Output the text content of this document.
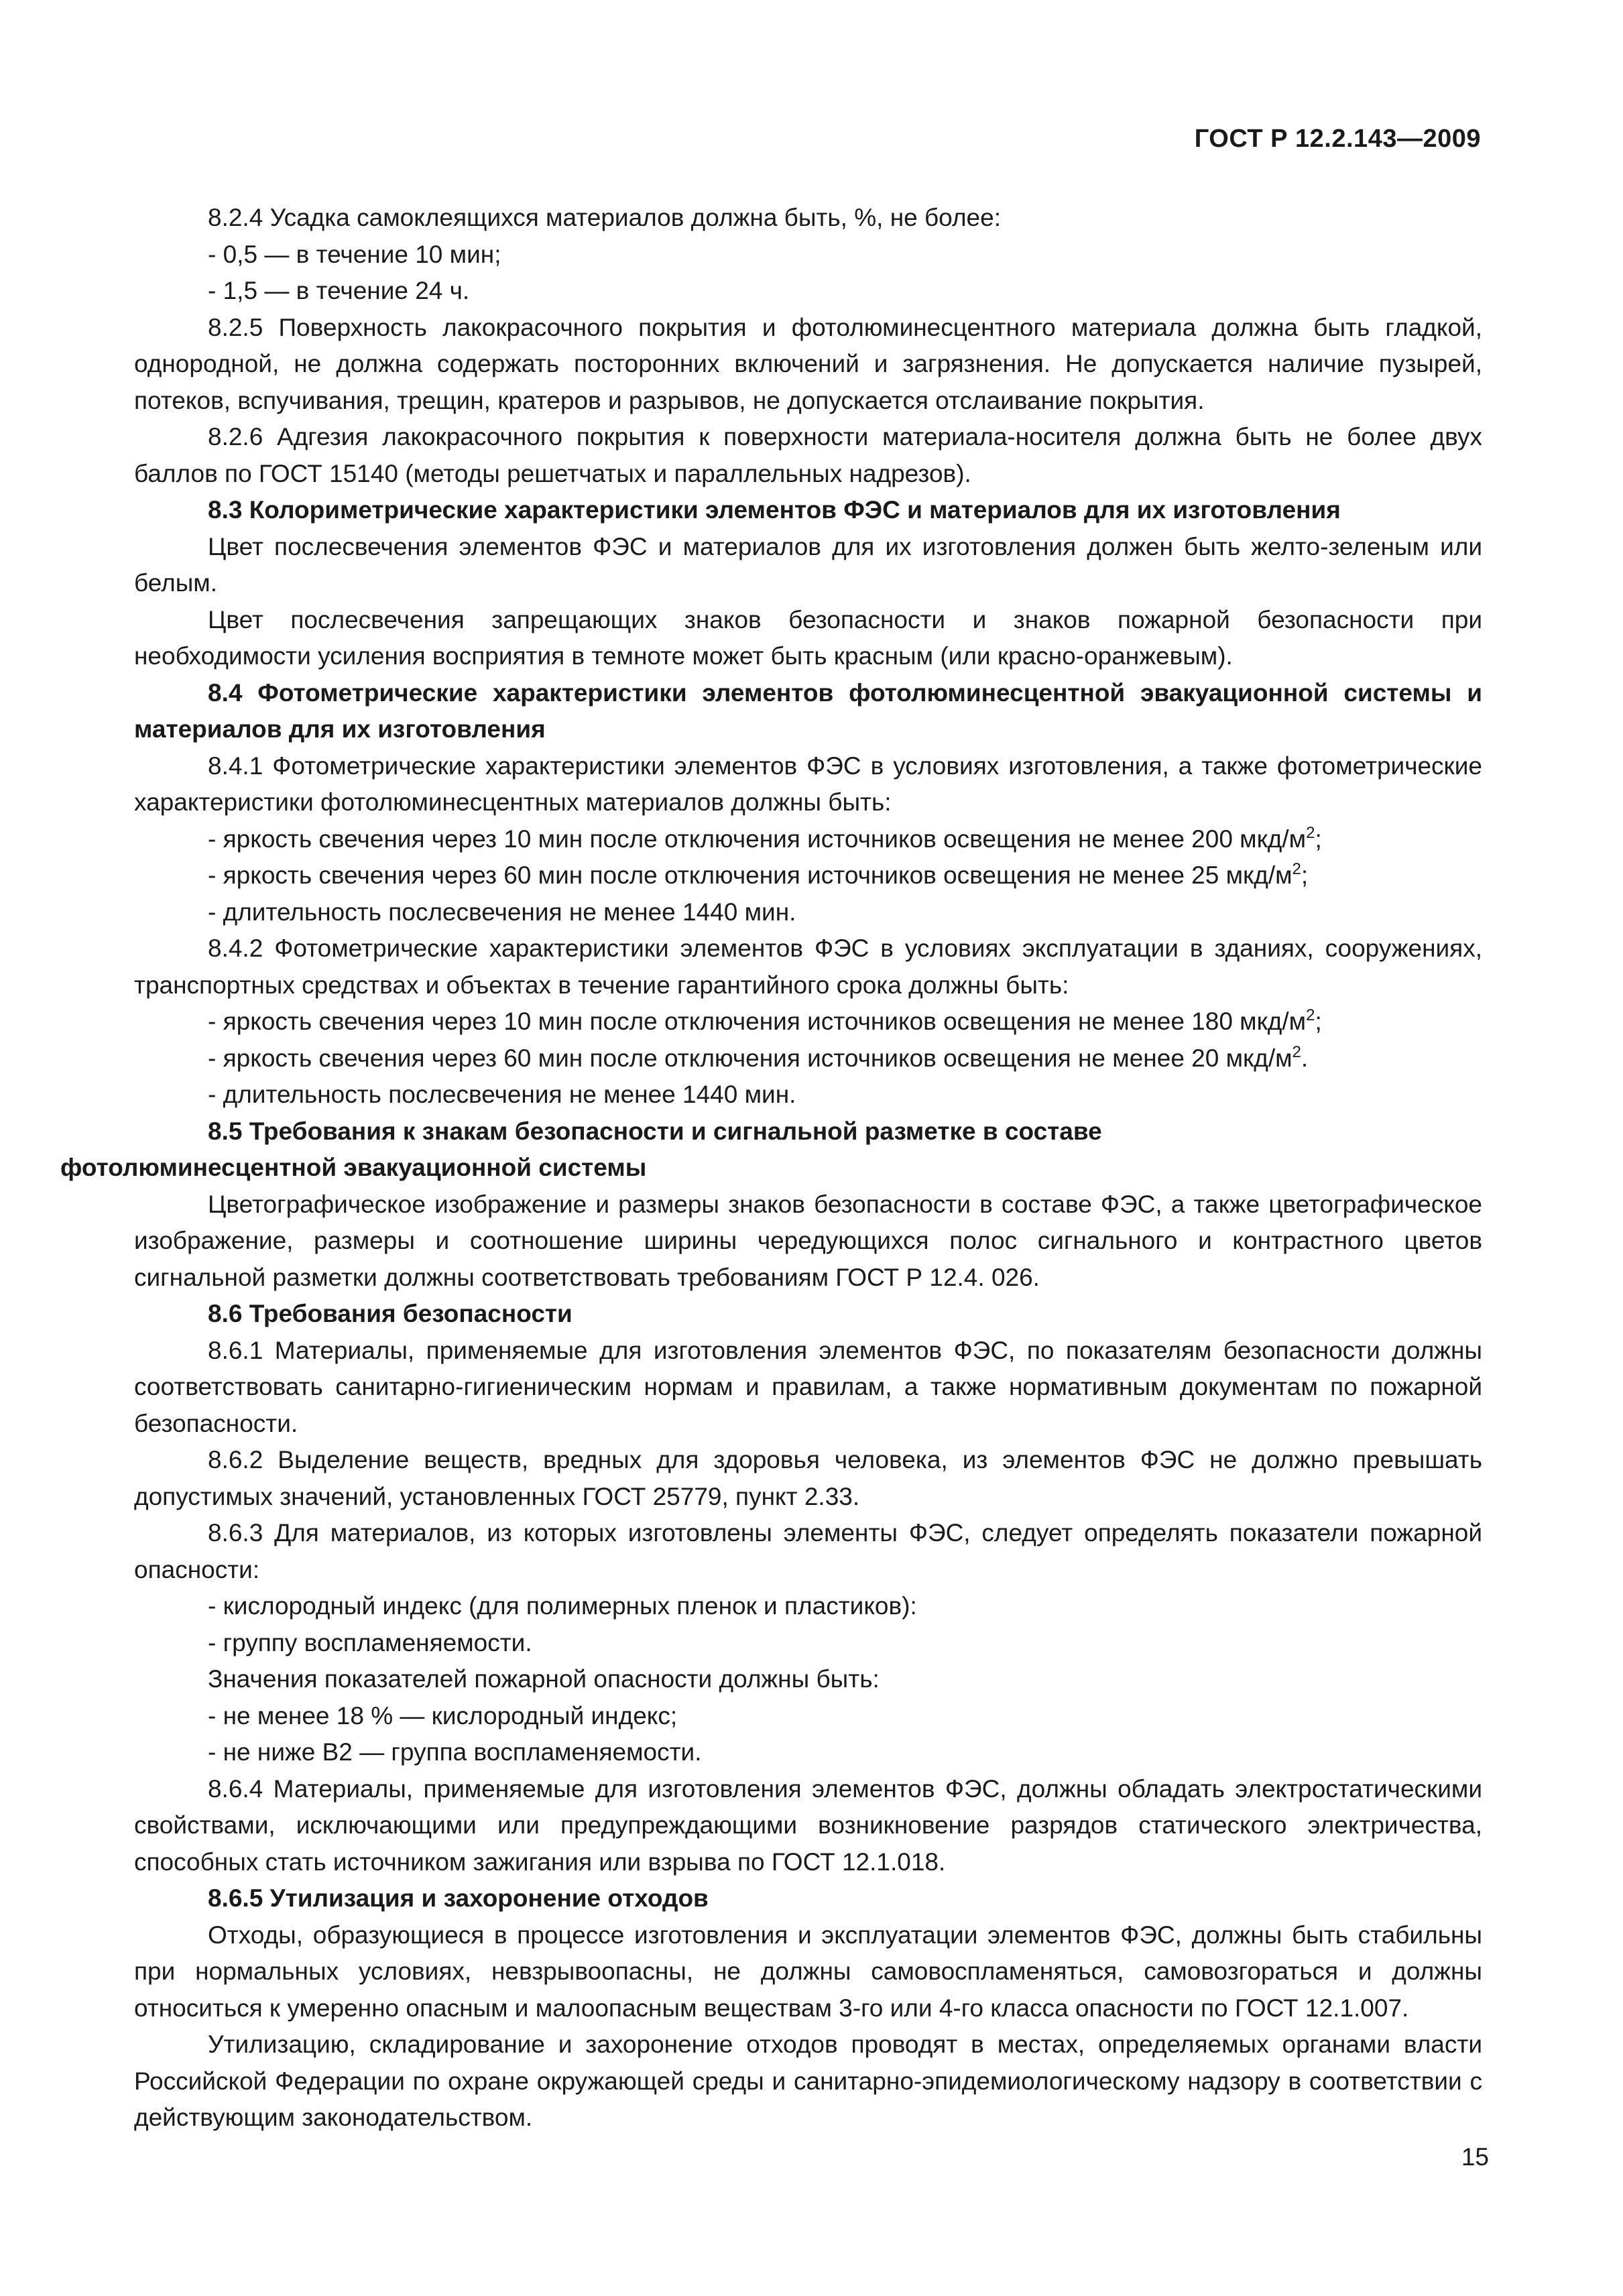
ГОСТ Р 12.2.143—2009

8.2.4 Усадка самоклеящихся материалов должна быть, %, не более:

- 0,5 — в течение 10 мин;

- 1,5 — в течение 24 ч.

8.2.5 Поверхность лакокрасочного покрытия и фотолюминесцентного материала должна быть гладкой, однородной, не должна содержать посторонних включений и загрязнения. Не допускается наличие пузырей, потеков, вспучивания, трещин, кратеров и разрывов, не допускается отслаивание покрытия.

8.2.6 Адгезия лакокрасочного покрытия к поверхности материала-носителя должна быть не более двух баллов по ГОСТ 15140 (методы решетчатых и параллельных надрезов).

8.3 Колориметрические характеристики элементов ФЭС и материалов для их изготовления

Цвет послесвечения элементов ФЭС и материалов для их изготовления должен быть желто-зеленым или белым.

Цвет послесвечения запрещающих знаков безопасности и знаков пожарной безопасности при необходимости усиления восприятия в темноте может быть красным (или красно-оранжевым).

8.4 Фотометрические характеристики элементов фотолюминесцентной эвакуационной системы и материалов для их изготовления

8.4.1 Фотометрические характеристики элементов ФЭС в условиях изготовления, а также фотометрические характеристики фотолюминесцентных материалов должны быть:

- яркость свечения через 10 мин после отключения источников освещения не менее 200 мкд/$м^2$;

- яркость свечения через 60 мин после отключения источников освещения не менее 25 мкд/$м^2$;

- длительность послесвечения не менее 1440 мин.

8.4.2 Фотометрические характеристики элементов ФЭС в условиях эксплуатации в зданиях, сооружениях, транспортных средствах и объектах в течение гарантийного срока должны быть:

- яркость свечения через 10 мин после отключения источников освещения не менее 180 мкд/$м^2$;

- яркость свечения через 60 мин после отключения источников освещения не менее 20 мкд/$м^2$.

- длительность послесвечения не менее 1440 мин.

8.5 Требования к знакам безопасности и сигнальной разметке в составе
фотолюминесцентной эвакуационной системы

Цветографическое изображение и размеры знаков безопасности в составе ФЭС, а также цветографическое изображение, размеры и соотношение ширины чередующихся полос сигнального и контрастного цветов сигнальной разметки должны соответствовать требованиям ГОСТ Р 12.4. 026.

8.6 Требования безопасности

8.6.1 Материалы, применяемые для изготовления элементов ФЭС, по показателям безопасности должны соответствовать санитарно-гигиеническим нормам и правилам, а также нормативным документам по пожарной безопасности.

8.6.2 Выделение веществ, вредных для здоровья человека, из элементов ФЭС не должно превышать допустимых значений, установленных ГОСТ 25779, пункт 2.33.

8.6.3 Для материалов, из которых изготовлены элементы ФЭС, следует определять показатели пожарной опасности:

- кислородный индекс (для полимерных пленок и пластиков):

- группу воспламеняемости.

Значения показателей пожарной опасности должны быть:

- не менее 18 % — кислородный индекс;

- не ниже В2 — группа воспламеняемости.

8.6.4 Материалы, применяемые для изготовления элементов ФЭС, должны обладать электростатическими свойствами, исключающими или предупреждающими возникновение разрядов статического электричества, способных стать источником зажигания или взрыва по ГОСТ 12.1.018.

8.6.5 Утилизация и захоронение отходов

Отходы, образующиеся в процессе изготовления и эксплуатации элементов ФЭС, должны быть стабильны при нормальных условиях, невзрывоопасны, не должны самовоспламеняться, самовозгораться и должны относиться к умеренно опасным и малоопасным веществам 3-го или 4-го класса опасности по ГОСТ 12.1.007.

Утилизацию, складирование и захоронение отходов проводят в местах, определяемых органами власти Российской Федерации по охране окружающей среды и санитарно-эпидемиологическому надзору в соответствии с действующим законодательством.

15
